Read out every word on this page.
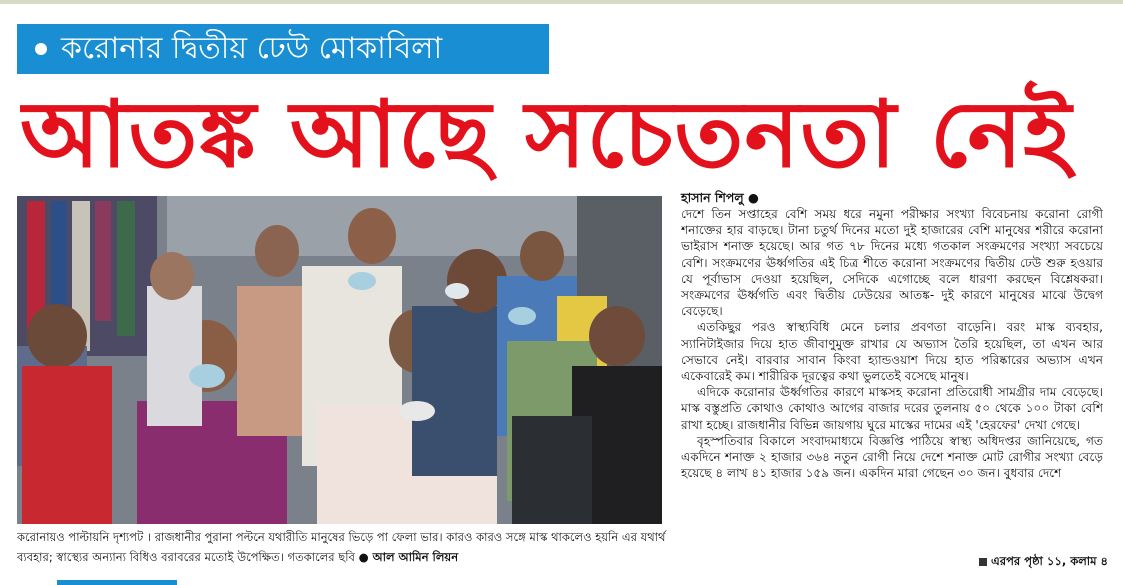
করোনার দ্বিতীয় ঢেউ মোকাবিলা
আতঙ্ক আছে সচেতনতা নেই
করোনায়ও পাল্টায়নি দৃশ্যপট । রাজধানীর পুরানা পল্টনে যথারীতি মানুষের ভিড়ে পা ফেলা ভার। কারও কারও সঙ্গে মাস্ক থাকলেও হয়নি এর যথার্থ ব্যবহার; স্বাস্থ্যের অন্যান্য বিধিও বরাবরের মতোই উপেক্ষিত। গতকালের ছবি ● আল আমিন লিয়ন
হাসান শিপলু ●

দেশে তিন সপ্তাহের বেশি সময় ধরে নমুনা পরীক্ষার সংখ্যা বিবেচনায় করোনা রোগী শনাক্তের হার বাড়ছে। টানা চতুর্থ দিনের মতো দুই হাজারের বেশি মানুষের শরীরে করোনা ভাইরাস শনাক্ত হয়েছে। আর গত ৭৮ দিনের মধ্যে গতকাল সংক্রমণের সংখ্যা সবচেয়ে বেশি। সংক্রমণের ঊর্ধ্বগতির এই চিত্র শীতে করোনা সংক্রমণের দ্বিতীয় ঢেউ শুরু হওয়ার যে পূর্বাভাস দেওয়া হয়েছিল, সেদিকে এগোচ্ছে বলে ধারণা করছেন বিশ্লেষকরা। সংক্রমণের ঊর্ধ্বগতি এবং দ্বিতীয় ঢেউয়ের আতঙ্ক- দুই কারণে মানুষের মাঝে উদ্বেগ বেড়েছে।

এতকিছুর পরও স্বাস্থ্যবিধি মেনে চলার প্রবণতা বাড়েনি। বরং মাস্ক ব্যবহার, স্যানিটাইজার দিয়ে হাত জীবাণুমুক্ত রাখার যে অভ্যাস তৈরি হয়েছিল, তা এখন আর সেভাবে নেই। বারবার সাবান কিংবা হ্যান্ডওয়াশ দিয়ে হাত পরিষ্কারের অভ্যাস এখন একেবারেই কম। শারীরিক দূরত্বের কথা ভুলতেই বসেছে মানুষ।

এদিকে করোনার ঊর্ধ্বগতির কারণে মাস্কসহ করোনা প্রতিরোধী সামগ্রীর দাম বেড়েছে। মাস্ক বস্তুপ্রতি কোথাও কোথাও আগের বাজার দরের তুলনায় ৫০ থেকে ১০০ টাকা বেশি রাখা হচ্ছে। রাজধানীর বিভিন্ন জায়গায় ঘুরে মাস্কের দামের এই 'হেরফের' দেখা গেছে।

বৃহস্পতিবার বিকালে সংবাদমাধ্যমে বিজ্ঞপ্তি পাঠিয়ে স্বাস্থ্য অধিদপ্তর জানিয়েছে, গত একদিনে শনাক্ত ২ হাজার ৩৬৪ নতুন রোগী নিয়ে দেশে শনাক্ত মোট রোগীর সংখ্যা বেড়ে হয়েছে ৪ লাখ ৪১ হাজার ১৫৯ জন। একদিন মারা গেছেন ৩০ জন। বুধবার দেশে

এরপর পৃষ্ঠা ১১, কলাম ৪
